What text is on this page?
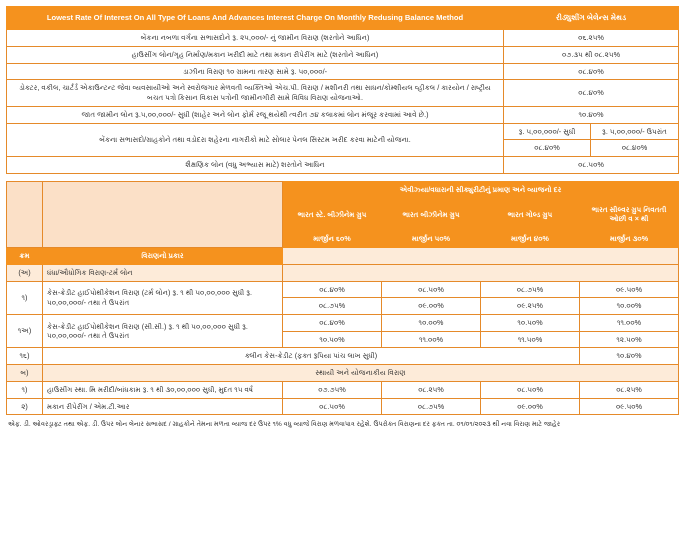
Lowest Rate Of Interest On All Type Of Loans And Advances Interest Charge On Monthly Redusing Balance Method	રીડ્યુશીંગ બેલેન્સ મેથડ	
બેંકના નબળા વર્ગના સભાસદોને રૂ. ૨૫,૦૦૦/- નું જામીન વિરાણ (શરતોને આધિન)	૦૬.૨૫%	
હાઉસીંગ લોન/ગૃહ નિર્માણ/મકાન ખરીદી માટે તથા મકાન રીપેરીંગ માટે (શરતોને આધિન)	૦૭.૩૫ થી ૦૮.૨૫%	
ડાઝીના વિરાણ ૧૦ ગ્રામના તારણ સામે રૂ. ૫૦,૦૦૦/-	૦૮.૪૦%	
ડોક્ટર, વકીલ, ચાર્ટર્ડ એકાઉન્ટન્ટ જેવા વ્યવસાયીઓ અને સ્વરોજગાર મેળવતી વ્યક્તિઓ એચ.પી. વિરાણ / મશીનરી તથા સાધન/કોમ્શીયલ વ્હીકલ / કારયોન / રાષ્ટ્રીય બચત પત્રો કિસાન વિકાસ પત્રોની જામીનગીરી સામે વિવિધ વિરાણ યોજનાઓ.	૦૮.૪૦%	
જાત જામીન લોન રૂ.૫,૦૦,૦૦૦/- સુધી (શાહેર અને લોન ફોર્મ રજૂ થયેથી ત્વરીત ૭૪ કલાકમાં લોન મંજૂર કરવામાં આવે છે.)	૧૦.૪૦%	
બેંકના સભાસદો/ગ્રાહકોને તથા વડોદરા શહેરના નાગરીકો માટે સોલાર પેનલ સિસ્ટમ ખરીદ કરવા માટેની યોજના.	રૂ. ૫,૦૦,૦૦૦/- સુધી	રૂ. ૫,૦૦,૦૦૦/- ઉપરાંત
	૦૮.૪૦%	૦૮.૪૦%
શૈક્ષણિક લોન (વધુ અભ્યાસ માટે) શરતોને આધિન	૦૮.૫૦%	
		એવીઝ્યા/વધારાની સીક્યુરીટીનું પ્રમાણ અને વ્યાજનો દર			
		ભારત સ્ટે. બીઝીનેમ ગ્રુપ	ભારત બીઝીનેમ ગ્રુપ	ભારત ગોલ્ડ ગ્રુપ	ભારત સીલ્વર ગ્રુપ નિવતતી ઓછી વ × થી
		માર્જીન ૬૦%	માર્જીન ૫૦%	માર્જીન ૪૦%	માર્જીન ૩૦%
ક્રમ	વિરાણનો પ્રકાર				
(અ)	ધંધા/ઔધોગિક વિરાણ-ટર્મ લોન				
૧)	કેસ-ક્રેડીટ હાઈપોથીકેશન વિરાણ (ટર્મ લોન) રૂ. ૧ થી ૫૦,૦૦,૦૦૦ સુધી રૂ. ૫૦,૦૦,૦૦૦/- તથા તે ઉપરાંત	૦૮.૪૦%	૦૮.૫૦%	૦૮.૭૫%	૦૯.૫૦%
		૦૮.૭૫%	૦૯.૦૦%	૦૯.૨૫%	૧૦.૦૦%
૧અ)	કેસ-ક્રેડીટ હાઈપોથીકેશન વિરાણ (સી.સી.) રૂ. ૧ થી ૫૦,૦૦,૦૦૦ સુધી રૂ. ૫૦,૦૦,૦૦૦/- તથા તે ઉપરાંત	૦૮.૪૦%	૧૦.૦૦%	૧૦.૫૦%	૧૧.૦૦%
		૧૦.૫૦%	૧૧.૦૦%	૧૧.૫૦%	૧૨.૫૦%
૧૬)	ક્લીન કેસ-ક્રેડીટ (ફક્ત રૂપિયા પાંચ લાખ સુધી)				૧૦.૪૦%
બ)	સ્થાયી અને યોજનાકીય વિરાણ				
૧)	હાઉસીંગ સ્થા. મિ મરીદી/બાંધકામ રૂ. ૧ થી ૩૦,૦૦,૦૦૦ સુધી, મુદત ૧૫ વર્ષ	૦૭.૭૫%	૦૮.૨૫%	૦૮.૫૦%	૦૮.૨૫%
૨)	મકાન રીપેરીંગ / એમ.ટી.આર	૦૮.૫૦%	૦૮.૭૫%	૦૯.૦૦%	૦૯.૫૦%
એફ. ડી. ઓવરડ્રાફ્ટ તથા એફ. ડી. ઉપર લોન લેનાર સભાસદ / ગ્રાહકોને તેમના મળતા વ્યાજ દર ઉપર ૧% વધુ વ્યાજે વિરાણ મળવાપાત્ર રહેશે. ઉપરોક્ત વિરાણના દર ફક્ત તા. ૦૧/૦૧/૨૦૨૩ થી નવા વિરાણ માટે જાહેર
